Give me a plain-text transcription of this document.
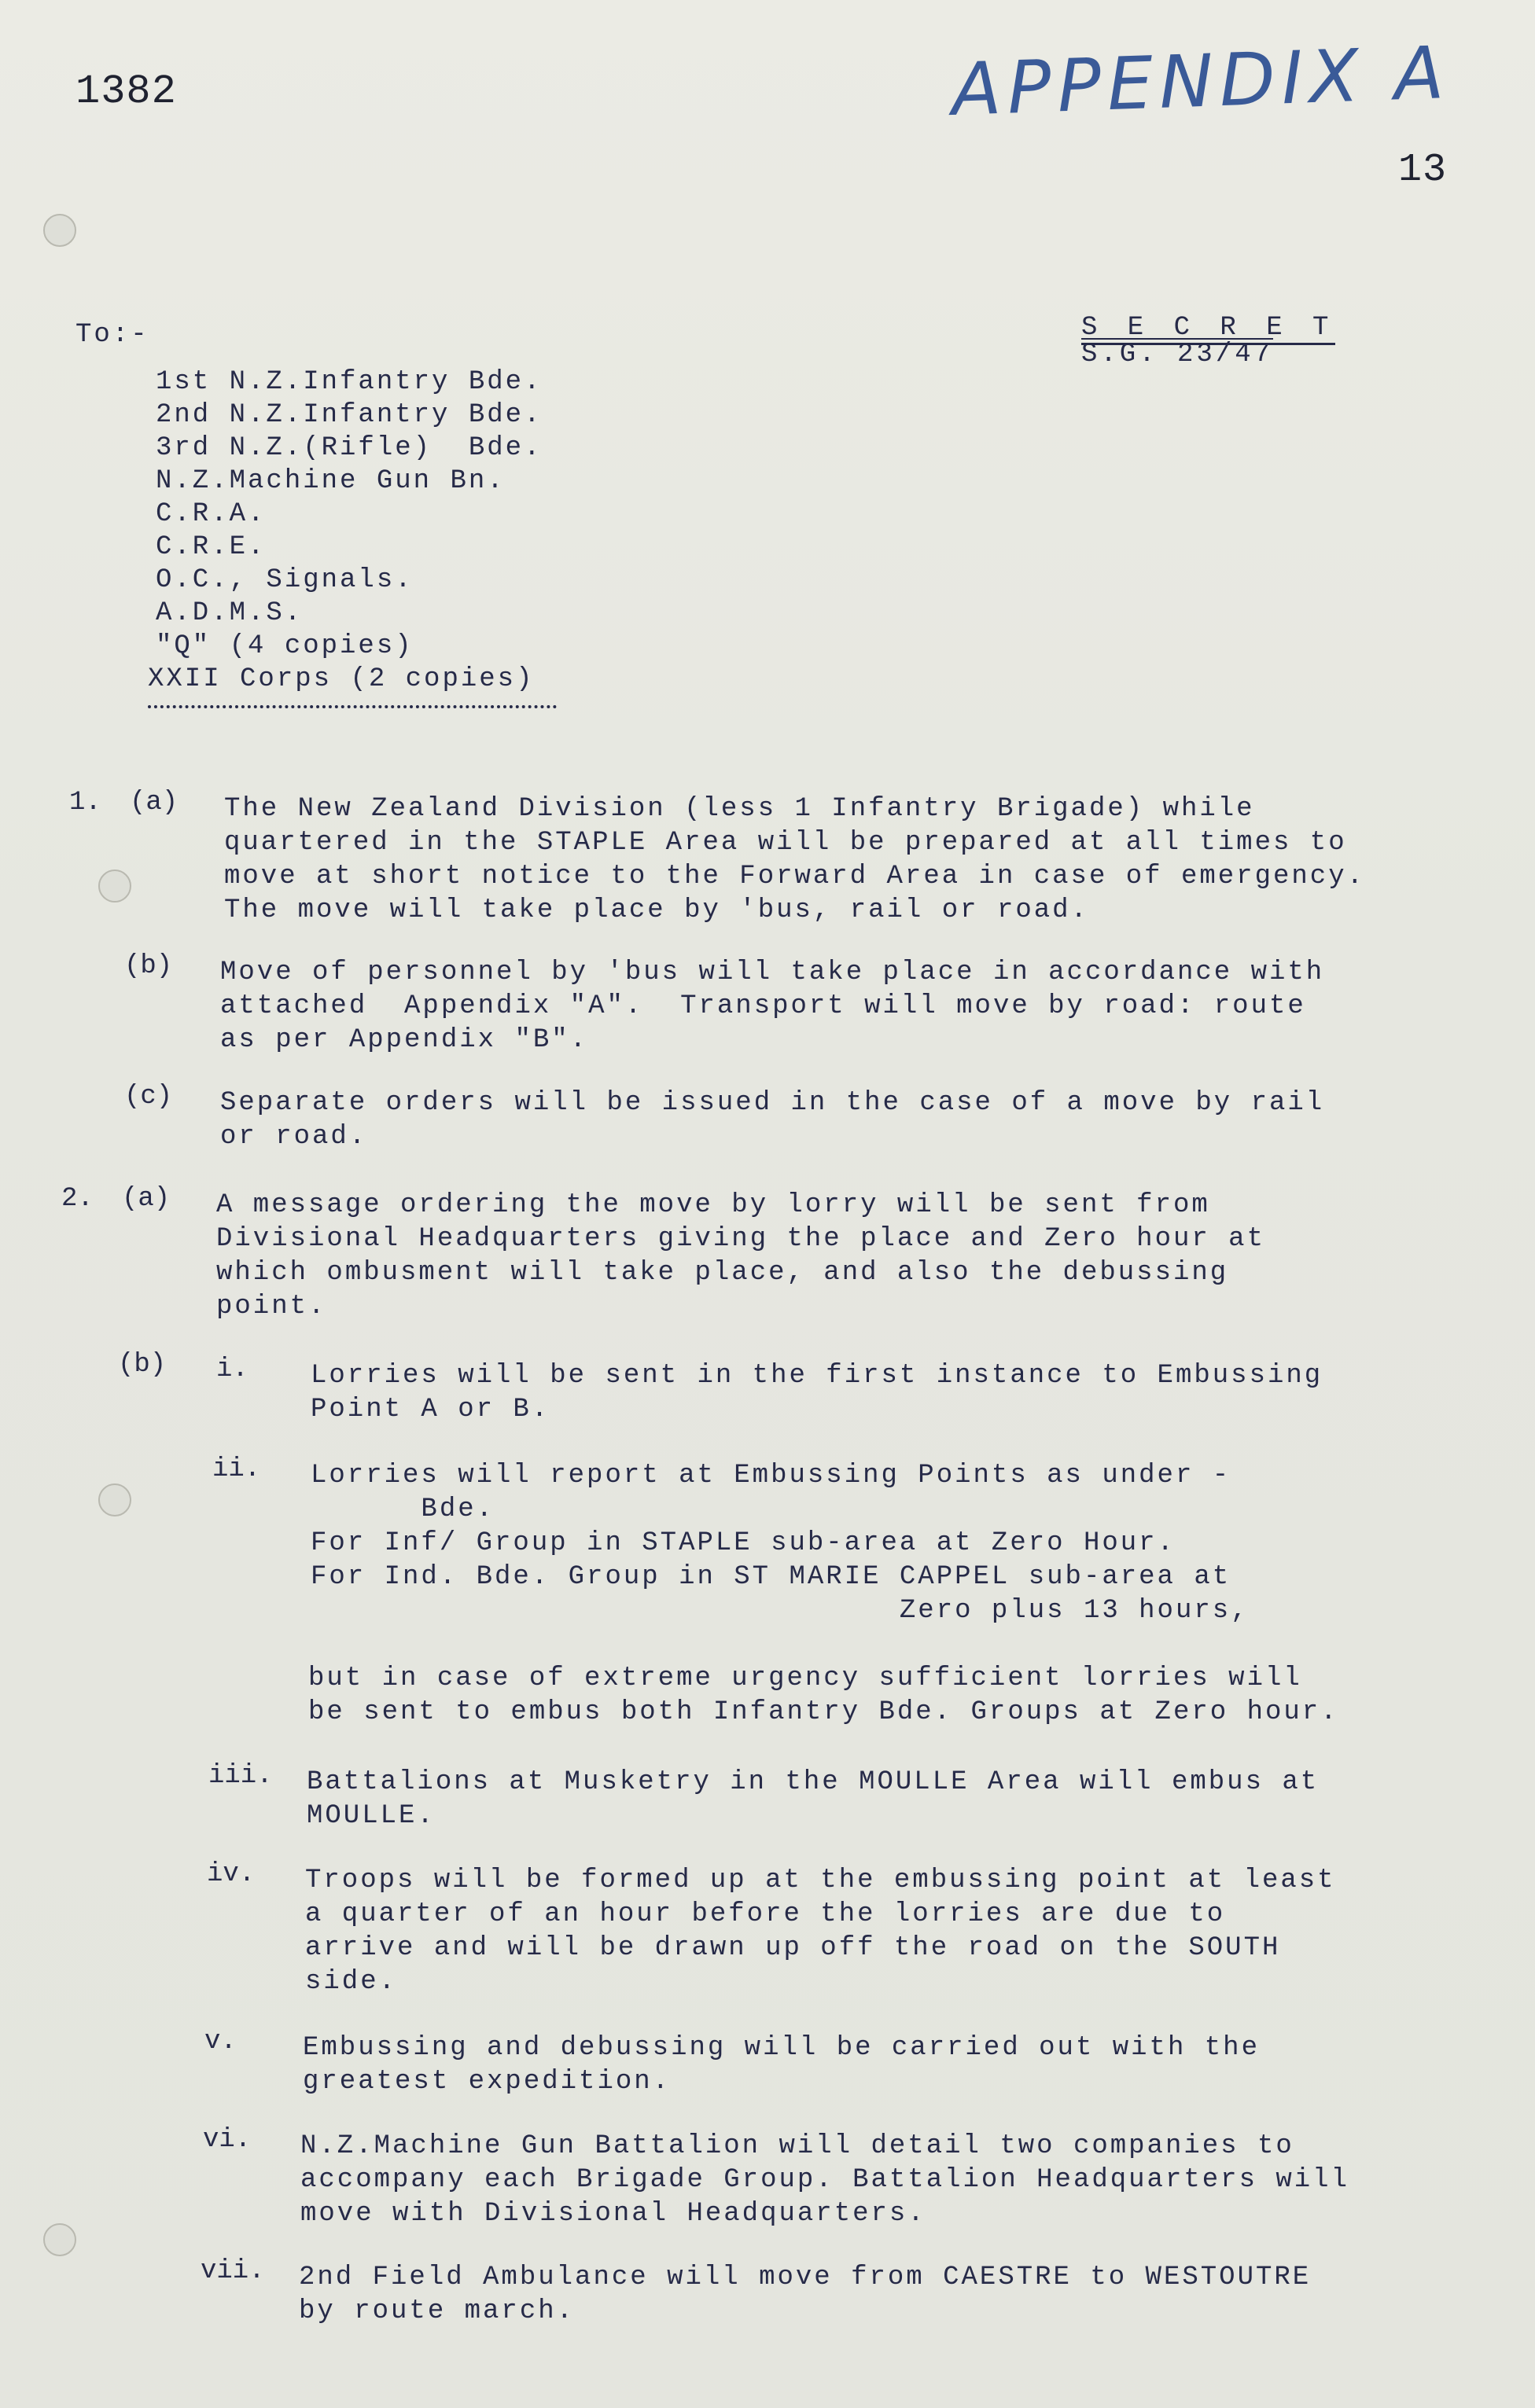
1382	APPENDIX A
13
S E C R E T
S.G. 23/47
To:-
1st N.Z.Infantry Bde.
2nd N.Z.Infantry Bde.
3rd N.Z.(Rifle)  Bde.
N.Z.Machine Gun Bn.
C.R.A.
C.R.E.
O.C., Signals.
A.D.M.S.
"Q" (4 copies)
XXII Corps (2 copies)
1. (a) The New Zealand Division (less 1 Infantry Brigade) while
quartered in the STAPLE Area will be prepared at all times to
move at short notice to the Forward Area in case of emergency.
The move will take place by 'bus, rail or road.
(b) Move of personnel by 'bus will take place in accordance with
attached  Appendix "A".  Transport will move by road: route
as per Appendix "B".
(c) Separate orders will be issued in the case of a move by rail
or road.
2. (a) A message ordering the move by lorry will be sent from
Divisional Headquarters giving the place and Zero hour at
which ombusment will take place, and also the debussing
point.
(b) i. Lorries will be sent in the first instance to Embussing
Point A or B.
ii. Lorries will report at Embussing Points as under -
Bde.
For Inf/ Group in STAPLE sub-area at Zero Hour.
For Ind. Bde. Group in ST MARIE CAPPEL sub-area at
Zero plus 13 hours,
but in case of extreme urgency sufficient lorries will
be sent to embus both Infantry Bde. Groups at Zero hour.
iii. Battalions at Musketry in the MOULLE Area will embus at
MOULLE.
iv. Troops will be formed up at the embussing point at least
a quarter of an hour before the lorries are due to
arrive and will be drawn up off the road on the SOUTH
side.
v. Embussing and debussing will be carried out with the
greatest expedition.
vi. N.Z.Machine Gun Battalion will detail two companies to
accompany each Brigade Group. Battalion Headquarters will
move with Divisional Headquarters.
vii. 2nd Field Ambulance will move from CAESTRE to WESTOUTRE
by route march.
